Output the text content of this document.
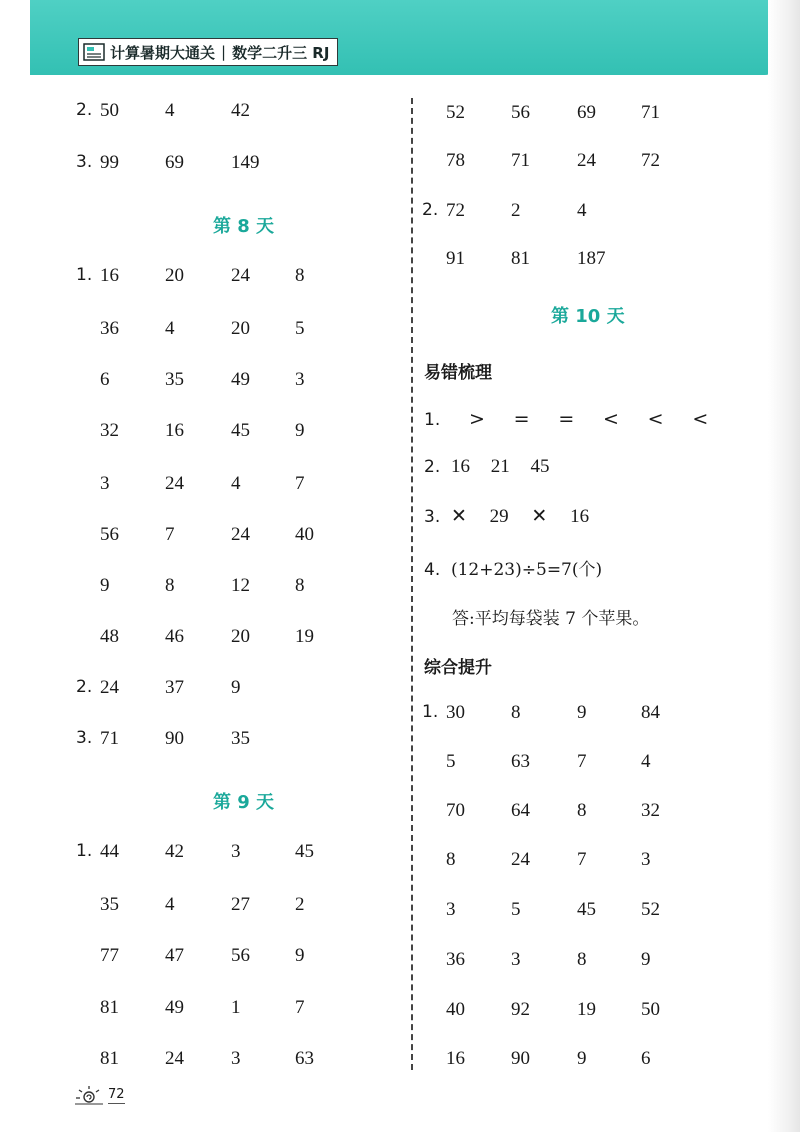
计算暑期大通关 | 数学二升三 RJ
2. 50 4	42
3. 99 69 149
第 8 天
1. 16 20 24 8
36 4	20 5
6	35 49 3
32 16 45 9
3	24 4	7
56 7	24 40
9	8	12 8
48 46 20 19
2. 24 37 9
3. 71 90 35
第 9 天
1. 44 42 3	45
35 4	27 2
77 47 56 9
81 49 1	7
81 24 3	63
52 56 69 71
78 71 24 72
2. 72 2	4
91 81 187
第 10 天
易错梳理
1. > = = < < <
2. 16 21 45
3. ✕ 29 ✕ 16
4. (12+23)÷5=7(个)
答:平均每袋装 7 个苹果。
综合提升
1. 30 8	9	84
5	63 7	4
70 64 8	32
8	24 7	3
3	5	45 52
36 3	8	9
40 92 19 50
16 90 9	6
72
